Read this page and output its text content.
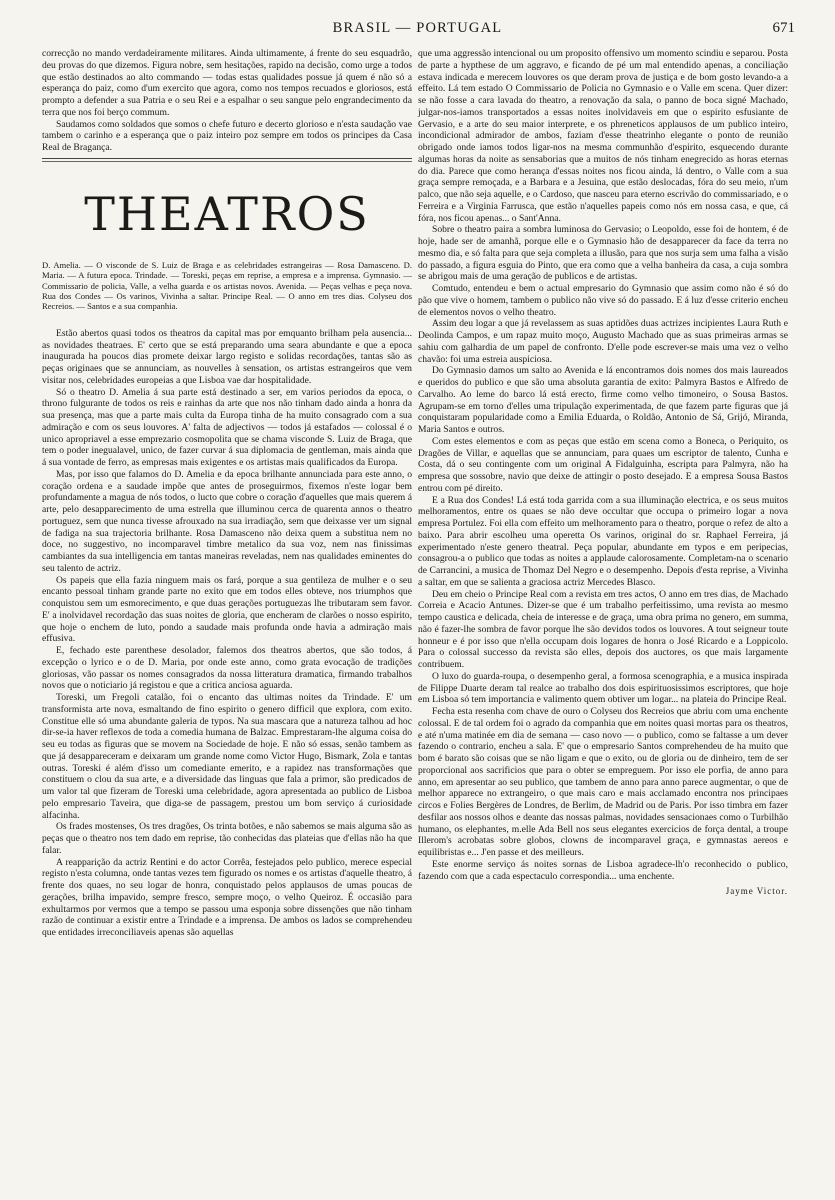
BRASIL — PORTUGAL	671

correcção no mando verdadeiramente militares. Ainda ultimamente, á frente do seu esquadrão, deu provas do que dizemos. Figura nobre, sem hesitações, rapido na decisão, como urge a todos que estão destinados ao alto commando — todas estas qualidades possue já quem é não só a esperança do paiz, como d'um exercito que agora, como nos tempos recuados e gloriosos, está prompto a defender a sua Patria e o seu Rei e a espalhar o seu sangue pelo engrandecimento da terra que nos foi berço commum.

Saudamos como soldados que somos o chefe futuro e decerto glorioso e n'esta saudação vae tambem o carinho e a esperança que o paiz inteiro poz sempre em todos os principes da Casa Real de Bragança.

THEATROS

D. Amelia. — O visconde de S. Luiz de Braga e as celebridades estrangeiras — Rosa Damasceno. D. Maria. — A futura epoca. Trindade. — Toreski, peças em reprise, a empresa e a imprensa. Gymnasio. — Commissario de policia, Valle, a velha guarda e os artistas novos. Avenida. — Peças velhas e peça nova. Rua dos Condes — Os varinos, Vivinha a saltar. Principe Real. — O anno em tres dias. Colyseu dos Recreios. — Santos e a sua companhia.

Estão abertos quasi todos os theatros da capital mas por emquanto brilham pela ausencia... as novidades theatraes. E' certo que se está preparando uma seara abundante e que a epoca inaugurada ha poucos dias promete deixar largo registo e solidas recordações, tantas são as peças originaes que se annunciam, as nouvelles à sensation, os artistas estrangeiros que vem visitar nos, celebridades europeias a que Lisboa vae dar hospitalidade.

Só o theatro D. Amelia á sua parte está destinado a ser, em varios periodos da epoca, o throno fulgurante de todos os reis e rainhas da arte que nos não tinham dado ainda a honra da sua presença, mas que a parte mais culta da Europa tinha de ha muito consagrado com a sua admiração e com os seus louvores. A' falta de adjectivos — todos já estafados — colossal é o unico apropriavel a esse emprezario cosmopolita que se chama visconde S. Luiz de Braga, que tem o poder inegualavel, unico, de fazer curvar á sua diplomacia de gentleman, mais ainda que á sua vontade de ferro, as empresas mais exigentes e os artistas mais qualificados da Europa.

Mas, por isso que falamos do D. Amelia e da epoca brilhante annunciada para este anno, o coração ordena e a saudade impõe que antes de proseguirmos, fixemos n'este logar bem profundamente a magua de nós todos, o lucto que cobre o coração d'aquelles que mais querem á arte, pelo desapparecimento de uma estrella que illuminou cerca de quarenta annos o theatro portuguez, sem que nunca tivesse afrouxado na sua irradiação, sem que deixasse ver um signal de fadiga na sua trajectoria brilhante. Rosa Damasceno não deixa quem a substitua nem no doce, no suggestivo, no incomparavel timbre metalico da sua voz, nem nas finissimas cambiantes da sua intelligencia em tantas maneiras reveladas, nem nas qualidades eminentes do seu talento de actriz.

Os papeis que ella fazia ninguem mais os fará, porque a sua gentileza de mulher e o seu encanto pessoal tinham grande parte no exito que em todos elles obteve, nos triumphos que conquistou sem um esmorecimento, e que duas gerações portuguezas lhe tributaram sem favor. E' a inolvidavel recordação das suas noites de gloria, que encheram de clarões o nosso espirito, que hoje o enchem de luto, pondo a saudade mais profunda onde havia a admiração mais effusiva.

E, fechado este parenthese desolador, falemos dos theatros abertos, que são todos, á excepção o lyrico e o de D. Maria, por onde este anno, como grata evocação de tradições gloriosas, vão passar os nomes consagrados da nossa litteratura dramatica, firmando trabalhos novos que o noticiario já registou e que a critica anciosa aguarda.

Toreski, um Fregoli catalão, foi o encanto das ultimas noites da Trindade. E' um transformista arte nova, esmaltando de fino espirito o genero difficil que explora, com exito. Constitue elle só uma abundante galeria de typos. Na sua mascara que a natureza talhou ad hoc dir-se-ia haver reflexos de toda a comedia humana de Balzac. Emprestaram-lhe alguma coisa do seu eu todas as figuras que se movem na Sociedade de hoje. E não só essas, senão tambem as que já desappareceram e deixaram um grande nome como Victor Hugo, Bismark, Zola e tantas outras. Toreski é além d'isso um comediante emerito, e a rapidez nas transformações que constituem o clou da sua arte, e a diversidade das linguas que fala a primor, são predicados de um valor tal que fizeram de Toreski uma celebridade, agora apresentada ao publico de Lisboa pelo empresario Taveira, que diga-se de passagem, prestou um bom serviço á curiosidade alfacinha.

Os frades mostenses, Os tres dragões, Os trinta botões, e não sabemos se mais alguma são as peças que o theatro nos tem dado em reprise, tão conhecidas das plateias que d'ellas não ha que falar.

A reapparição da actriz Rentini e do actor Corrêa, festejados pelo publico, merece especial registo n'esta columna, onde tantas vezes tem figurado os nomes e os artistas d'aquelle theatro, á frente dos quaes, no seu logar de honra, conquistado pelos applausos de umas poucas de gerações, brilha impavido, sempre fresco, sempre moço, o velho Queiroz. É occasião para exhultarmos por vermos que a tempo se passou uma esponja sobre dissenções que não tinham razão de continuar a existir entre a Trindade e a imprensa. De ambos os lados se comprehendeu que entidades irreconciliaveis apenas são aquellas

que uma aggressão intencional ou um proposito offensivo um momento scindiu e separou. Posta de parte a hypthese de um aggravo, e ficando de pé um mal entendido apenas, a conciliação estava indicada e merecem louvores os que deram prova de justiça e de bom gosto levando-a a effeito. Lá tem estado O Commissario de Policia no Gymnasio e o Valle em scena. Quer dizer: se não fosse a cara lavada do theatro, a renovação da sala, o panno de boca signé Machado, julgar-nos-iamos transportados a essas noites inolvidaveis em que o espirito esfusiante de Gervasio, e a arte do seu maior interprete, e os phreneticos applausos de um publico inteiro, incondicional admirador de ambos, faziam d'esse theatrinho elegante o ponto de reunião obrigado onde iamos todos ligar-nos na mesma communhão d'espirito, esquecendo durante algumas horas da noite as sensaborias que a muitos de nós tinham enegrecido as horas eternas do dia. Parece que como herança d'essas noites nos ficou ainda, lá dentro, o Valle com a sua graça sempre remoçada, e a Barbara e a Jesuina, que estão deslocadas, fóra do seu meio, n'um palco, que não seja aquelle, e o Cardoso, que nasceu para eterno escrivão do commissariado, e o Ferreira e a Virginia Farrusca, que estão n'aquelles papeis como nós em nossa casa, e que, cá fóra, nos ficou apenas... o Sant'Anna.

Sobre o theatro paira a sombra luminosa do Gervasio; o Leopoldo, esse foi de hontem, é de hoje, hade ser de amanhã, porque elle e o Gymnasio hão de desapparecer da face da terra no mesmo dia, e só falta para que seja completa a illusão, para que nos surja sem uma falha a visão do passado, a figura esguia do Pinto, que era como que a velha banheira da casa, a cuja sombra se abrigou mais de uma geração de publicos e de artistas.

Comtudo, entendeu e bem o actual empresario do Gymnasio que assim como não é só do pão que vive o homem, tambem o publico não vive só do passado. E á luz d'esse criterio encheu de elementos novos o velho theatro.

Assim deu logar a que já revelassem as suas aptidões duas actrizes incipientes Laura Ruth e Deolinda Campos, e um rapaz muito moço, Augusto Machado que as suas primeiras armas se sahiu com galhardia de um papel de confronto. D'elle pode escrever-se mais uma vez o velho chavão: foi uma estreia auspiciosa.

Do Gymnasio damos um salto ao Avenida e lá encontramos dois nomes dos mais laureados e queridos do publico e que são uma absoluta garantia de exito: Palmyra Bastos e Alfredo de Carvalho. Ao leme do barco lá está erecto, firme como velho timoneiro, o Sousa Bastos. Agrupam-se em torno d'elles uma tripulação experimentada, de que fazem parte figuras que já conquistaram popularidade como a Emilia Eduarda, o Roldão, Antonio de Sá, Grijó, Miranda, Maria Santos e outros.

Com estes elementos e com as peças que estão em scena como a Boneca, o Periquito, os Dragões de Villar, e aquellas que se annunciam, para quaes um escriptor de talento, Cunha e Costa, dá o seu contingente com um original A Fidalguinha, escripta para Palmyra, não ha empresa que sossobre, navio que deixe de attingir o posto desejado. E a empresa Sousa Bastos entrou com pé direito.

E a Rua dos Condes! Lá está toda garrida com a sua illuminação electrica, e os seus muitos melhoramentos, entre os quaes se não deve occultar que occupa o primeiro logar a nova empresa Portulez. Foi ella com effeito um melhoramento para o theatro, porque o refez de alto a baixo. Para abrir escolheu uma operetta Os varinos, original do sr. Raphael Ferreira, já experimentado n'este genero theatral. Peça popular, abundante em typos e em peripecias, consagrou-a o publico que todas as noites a applaude calorosamente. Completam-na o scenario de Carrancini, a musica de Thomaz Del Negro e o desempenho. Depois d'esta reprise, a Vivinha a saltar, em que se salienta a graciosa actriz Mercedes Blasco.

Deu em cheio o Principe Real com a revista em tres actos, O anno em tres dias, de Machado Correia e Acacio Antunes. Dizer-se que é um trabalho perfeitissimo, uma revista ao mesmo tempo caustica e delicada, cheia de interesse e de graça, uma obra prima no genero, em summa, não é fazer-lhe sombra de favor porque lhe são devidos todos os louvores. A tout seigneur toute honneur e é por isso que n'ella occupam dois logares de honra o José Ricardo e a Loppicolo. Para o colossal successo da revista são elles, depois dos auctores, os que mais largamente contribuem.

O luxo do guarda-roupa, o desempenho geral, a formosa scenographia, e a musica inspirada de Filippe Duarte deram tal realce ao trabalho dos dois espirituosissimos escriptores, que hoje em Lisboa só tem importancia e valimento quem obtiver um logar... na plateia do Principe Real.

Fecha esta resenha com chave de ouro o Colyseu dos Recreios que abriu com uma enchente colossal. E de tal ordem foi o agrado da companhia que em noites quasi mortas para os theatros, e até n'uma matinée em dia de semana — caso novo — o publico, como se faltasse a um dever fazendo o contrario, encheu a sala. E' que o empresario Santos comprehendeu de ha muito que bom é barato são coisas que se não ligam e que o exito, ou de gloria ou de dinheiro, tem de ser proporcional aos sacrificios que para o obter se empreguem. Por isso ele porfia, de anno para anno, em apresentar ao seu publico, que tambem de anno para anno parece augmentar, o que de melhor apparece no extrangeiro, o que mais caro e mais acclamado encontra nos principaes circos e Folies Bergères de Londres, de Berlim, de Madrid ou de Paris. Por isso timbra em fazer desfilar aos nossos olhos e deante das nossas palmas, novidades sensacionaes como o Turbilhão humano, os elephantes, m.elle Ada Bell nos seus elegantes exercicios de força dental, a troupe Illerom's acrobatas sobre globos, clowns de incomparavel graça, e gymnastas aereos e equilibristas e... J'en passe et des meilleurs.

Este enorme serviço ás noites sornas de Lisboa agradece-lh'o reconhecido o publico, fazendo com que a cada espectaculo correspondia... uma enchente.

Jayme Victor.
